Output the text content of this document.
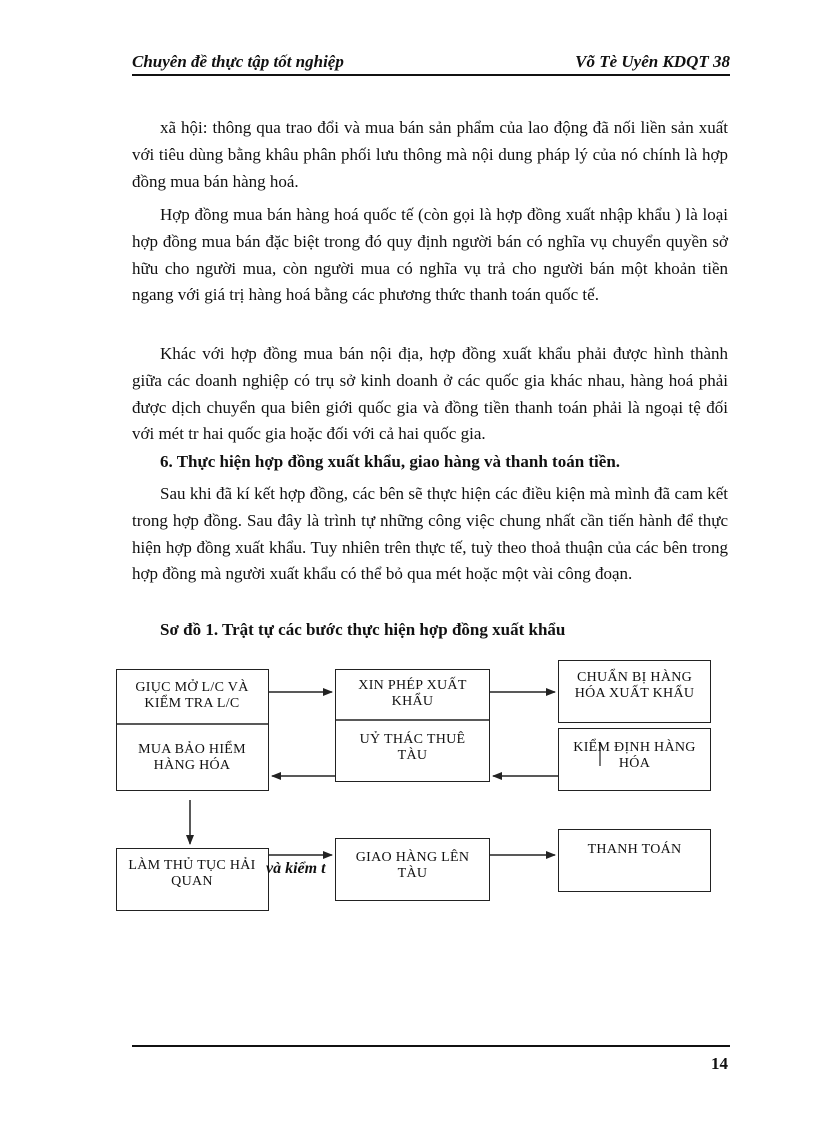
Chuyên đề thực tập tốt nghiệp	Võ Tè Uyên KDQT 38

xã hội: thông qua trao đổi và mua bán sản phẩm của lao động đã nối liền sản xuất với tiêu dùng bằng khâu phân phối lưu thông mà nội dung pháp lý của nó chính là hợp đồng mua bán hàng hoá.

Hợp đồng mua bán hàng hoá quốc tế (còn gọi là hợp đồng xuất nhập khẩu ) là loại hợp đồng mua bán đặc biệt trong đó quy định người bán có nghĩa vụ chuyển quyền sở hữu cho người mua, còn người mua có nghĩa vụ trả cho người bán một khoản tiền ngang với giá trị hàng hoá bằng các phương thức thanh toán quốc tế.

Khác với hợp đồng mua bán nội địa, hợp đồng xuất khẩu phải được hình thành giữa các doanh nghiệp có trụ sở kinh doanh ở các quốc gia khác nhau, hàng hoá phải được dịch chuyển qua biên giới quốc gia và đồng tiền thanh toán phải là ngoại tệ đối với mét tr hai quốc gia hoặc đối với cả hai quốc gia.

6. Thực hiện hợp đồng xuất khẩu, giao hàng và thanh toán tiền.

Sau khi đã kí kết hợp đồng, các bên sẽ thực hiện các điều kiện mà mình đã cam kết trong hợp đồng. Sau đây là trình tự những công việc chung nhất cần tiến hành để thực hiện hợp đồng xuất khẩu. Tuy nhiên trên thực tế, tuỳ theo thoả thuận của các bên trong hợp đồng mà người xuất khẩu có thể bỏ qua mét hoặc một vài công đoạn.

Sơ đồ 1. Trật tự các bước thực hiện hợp đồng xuất khẩu

và kiểm t

GIỤC MỞ L/C VÀ KIỂM TRA L/C

MUA BẢO HIỂM HÀNG HÓA

XIN PHÉP XUẤT KHẨU

UỶ THÁC THUÊ TÀU

CHUẨN BỊ HÀNG HÓA XUẤT KHẨU

KIỂM ĐỊNH HÀNG HÓA

LÀM THỦ TỤC HẢI QUAN

GIAO HÀNG LÊN TÀU

THANH TOÁN

14
